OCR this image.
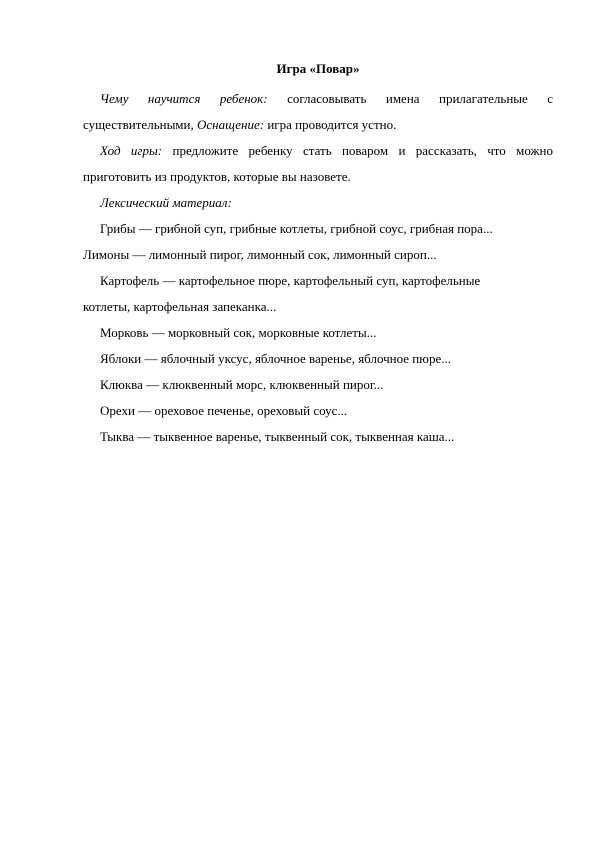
Игра «Повар»

Чему научится ребенок: согласовывать имена прилагательные с существительными, Оснащение: игра проводится устно.

Ход игры: предложите ребенку стать поваром и рассказать, что можно приготовить из продуктов, которые вы назовете.

Лексический материал:

Грибы — грибной суп, грибные котлеты, грибной соус, грибная пора...

Лимоны — лимонный пирог, лимонный сок, лимонный сироп...

Картофель — картофельное пюре, картофельный суп, картофельные котлеты, картофельная запеканка...

Морковь — морковный сок, морковные котлеты...

Яблоки — яблочный уксус, яблочное варенье, яблочное пюре...

Клюква — клюквенный морс, клюквенный пирог...

Орехи — ореховое печенье, ореховый соус...

Тыква — тыквенное варенье, тыквенный сок, тыквенная каша...
